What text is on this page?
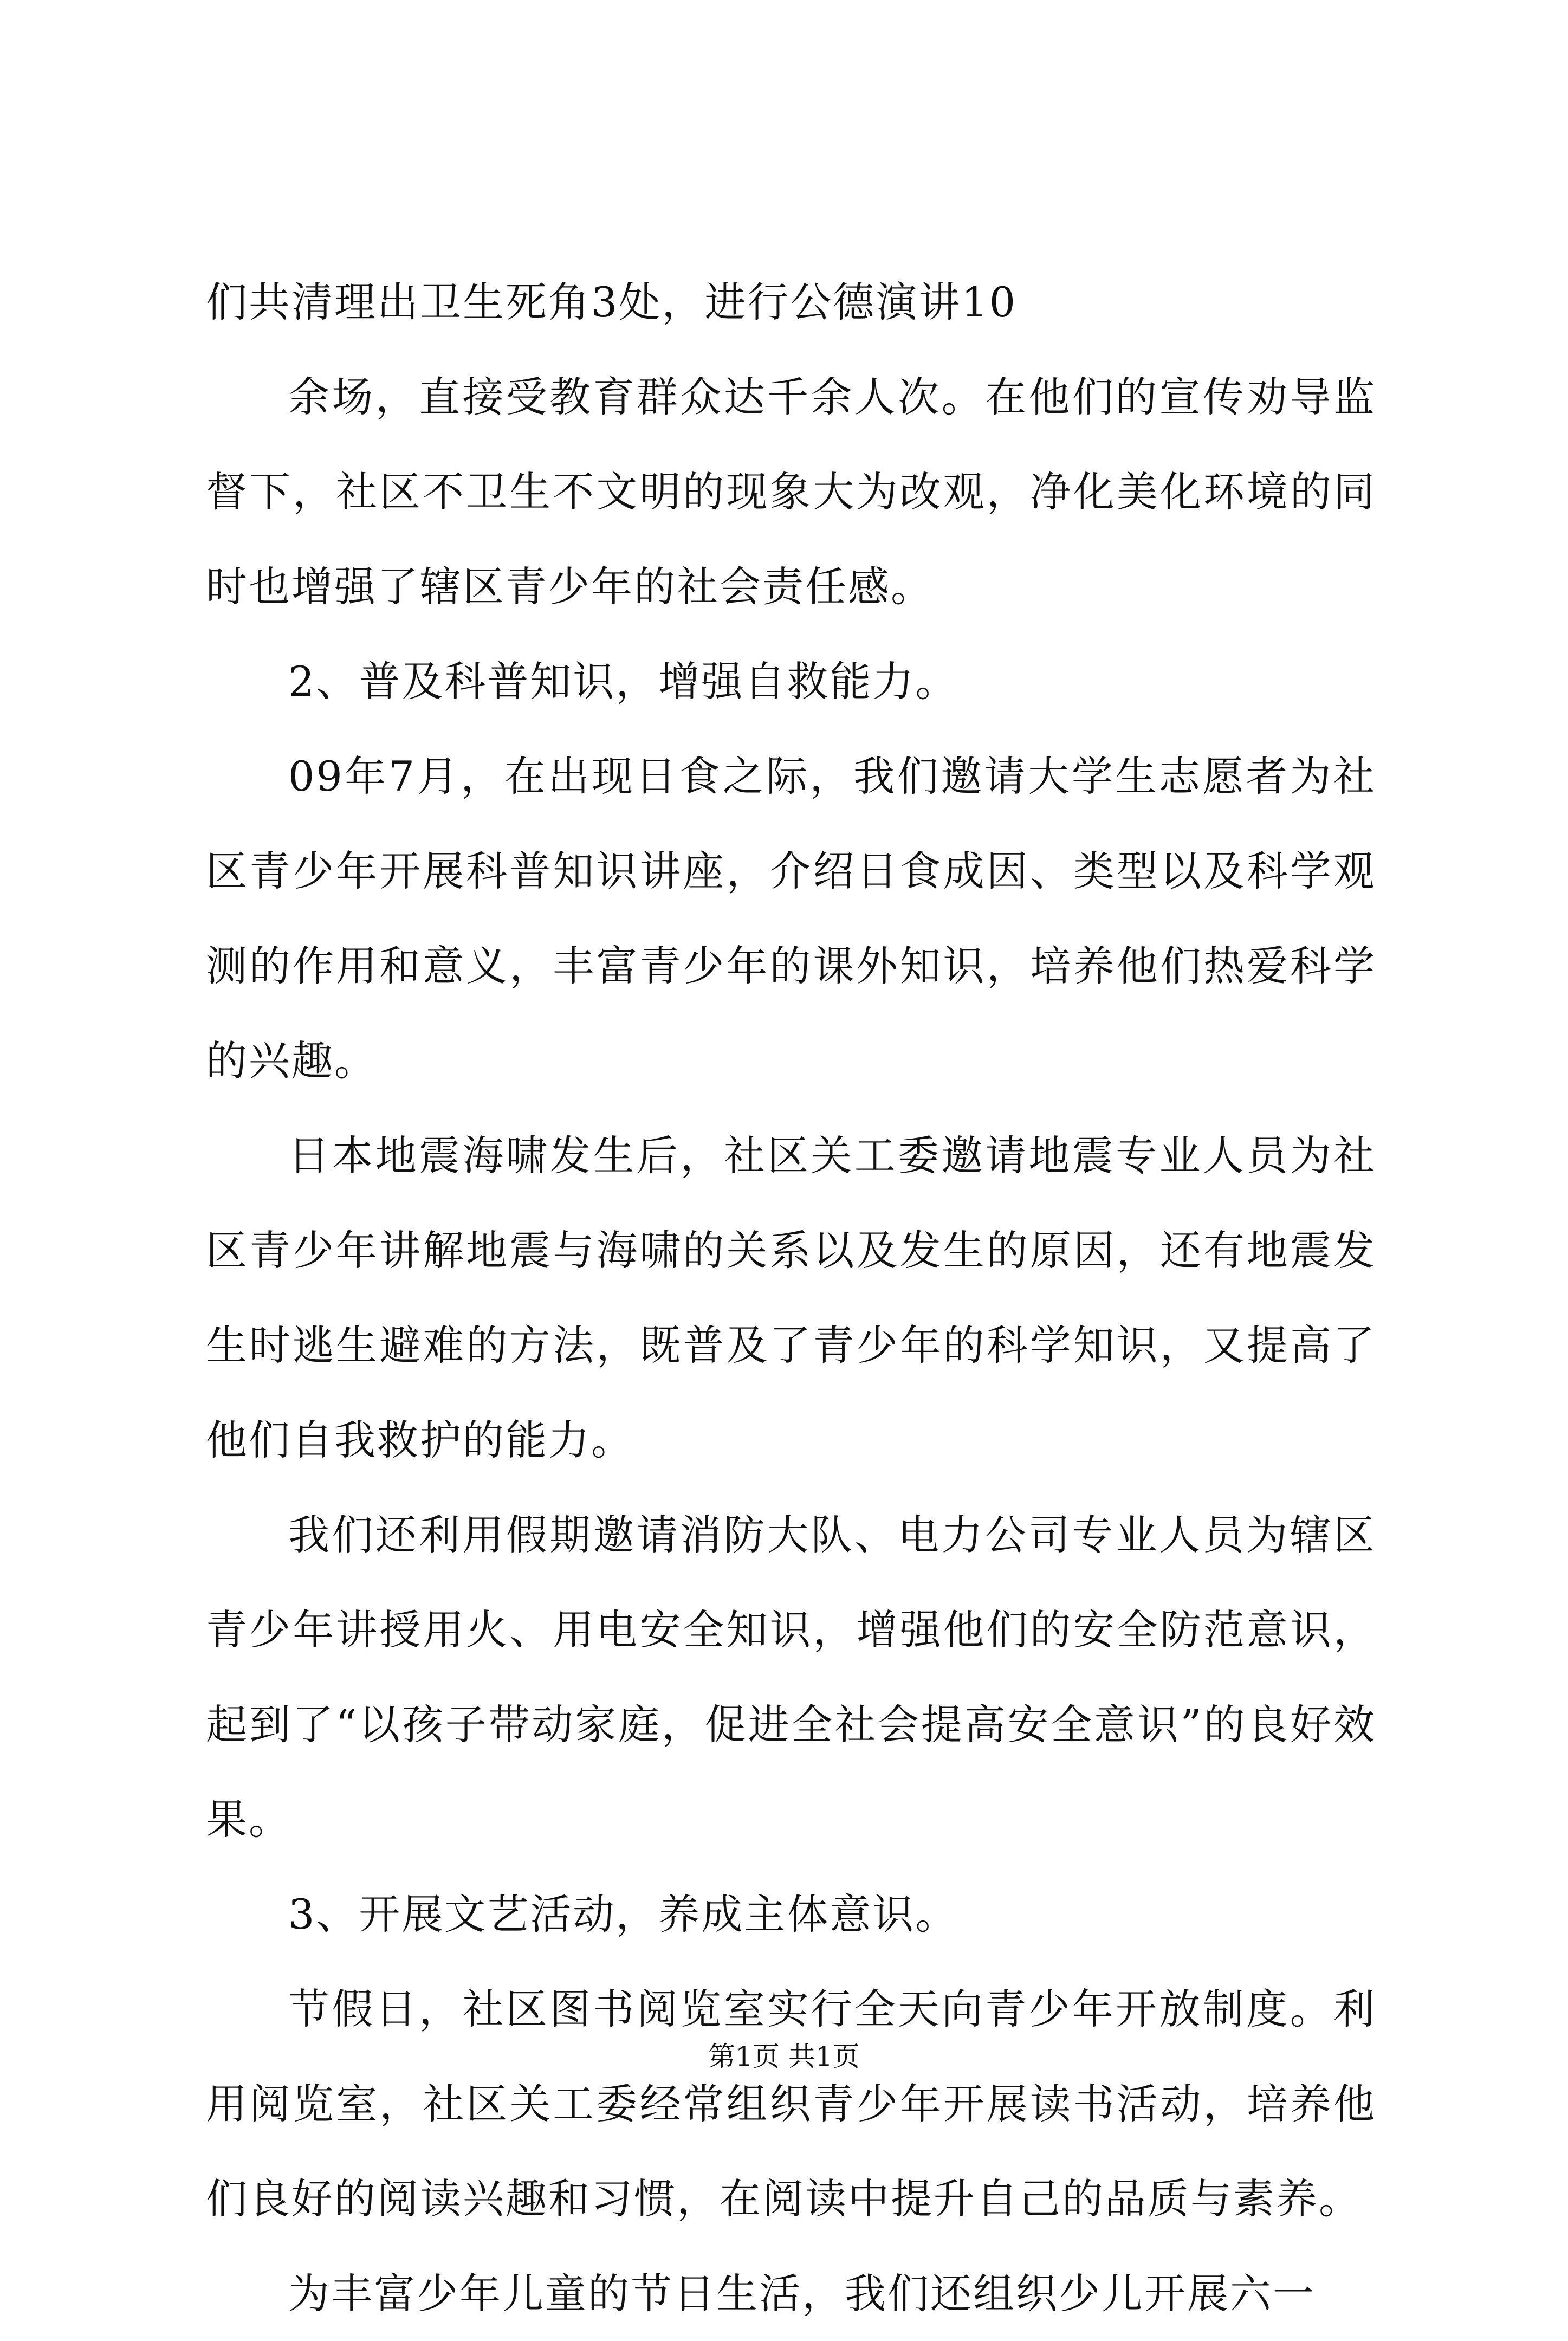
们共清理出卫生死角3处，进行公德演讲10

余场，直接受教育群众达千余人次。在他们的宣传劝导监督下，社区不卫生不文明的现象大为改观，净化美化环境的同时也增强了辖区青少年的社会责任感。

2、普及科普知识，增强自救能力。

09年7月，在出现日食之际，我们邀请大学生志愿者为社区青少年开展科普知识讲座，介绍日食成因、类型以及科学观测的作用和意义，丰富青少年的课外知识，培养他们热爱科学的兴趣。

日本地震海啸发生后，社区关工委邀请地震专业人员为社区青少年讲解地震与海啸的关系以及发生的原因，还有地震发生时逃生避难的方法，既普及了青少年的科学知识，又提高了他们自我救护的能力。

我们还利用假期邀请消防大队、电力公司专业人员为辖区青少年讲授用火、用电安全知识，增强他们的安全防范意识，起到了“以孩子带动家庭，促进全社会提高安全意识”的良好效果。

3、开展文艺活动，养成主体意识。

节假日，社区图书阅览室实行全天向青少年开放制度。利用阅览室，社区关工委经常组织青少年开展读书活动，培养他们良好的阅读兴趣和习惯，在阅读中提升自己的品质与素养。

为丰富少年儿童的节日生活，我们还组织少儿开展六一

第1页 共1页
